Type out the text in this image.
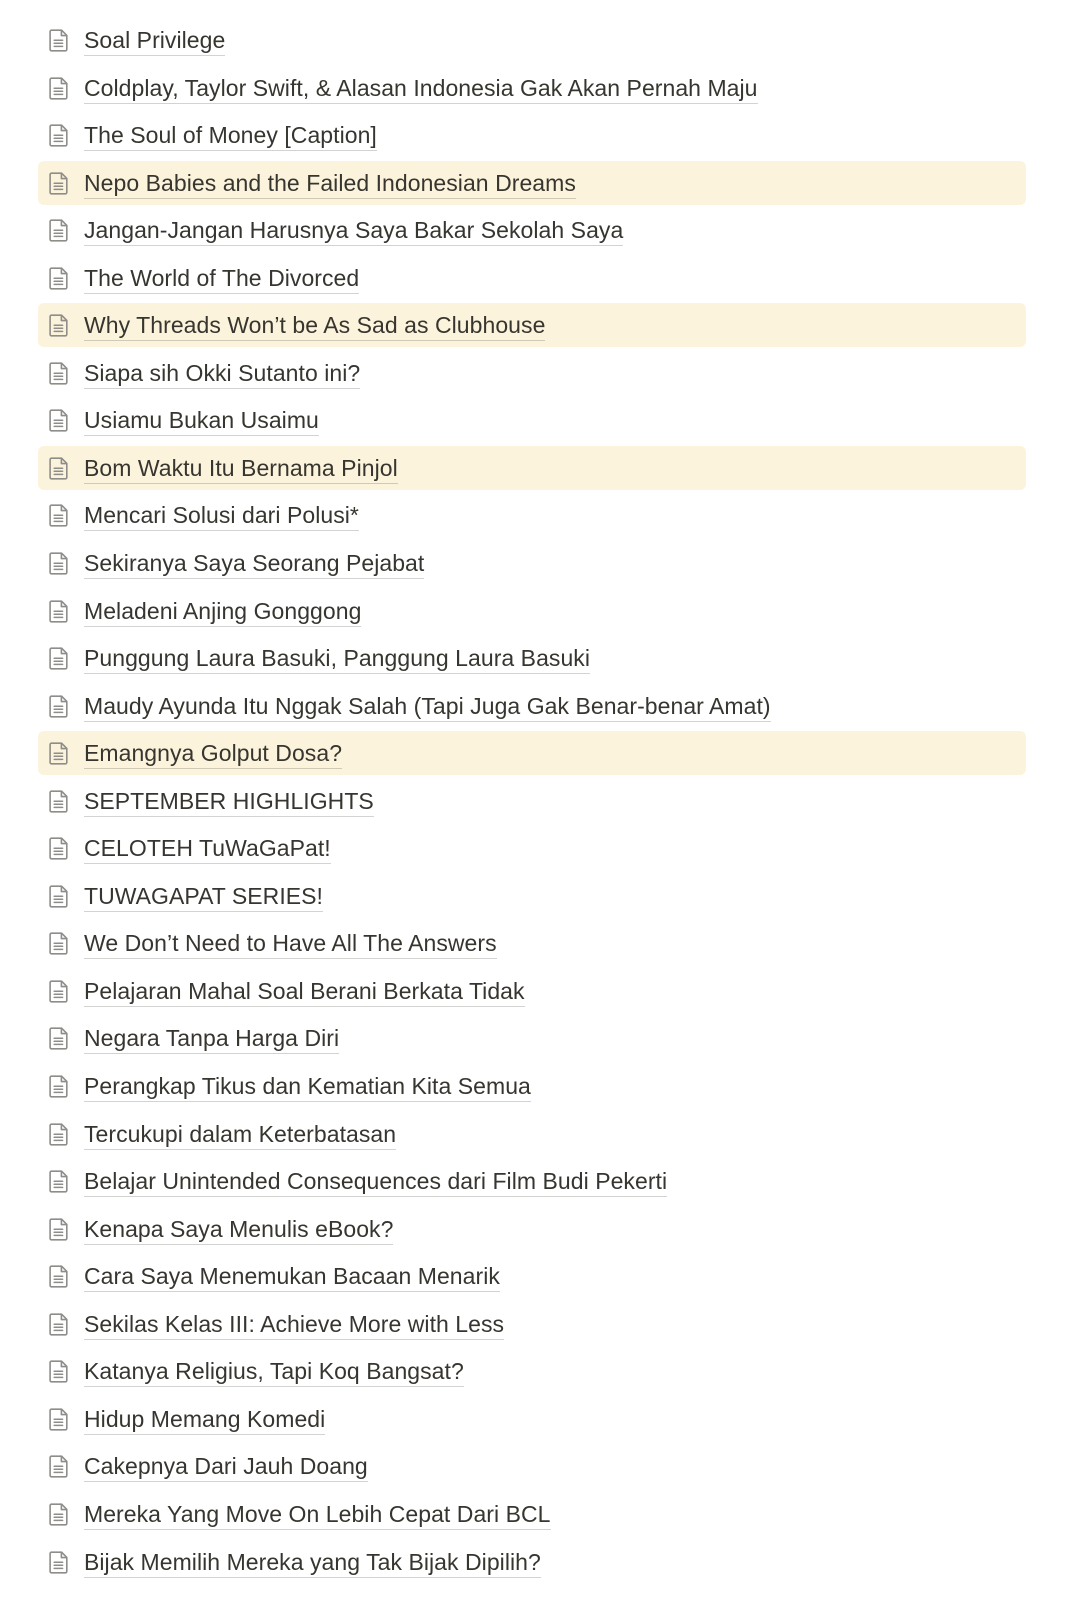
Soal Privilege
Coldplay, Taylor Swift, & Alasan Indonesia Gak Akan Pernah Maju
The Soul of Money [Caption]
Nepo Babies and the Failed Indonesian Dreams
Jangan-Jangan Harusnya Saya Bakar Sekolah Saya
The World of The Divorced
Why Threads Won’t be As Sad as Clubhouse
Siapa sih Okki Sutanto ini?
Usiamu Bukan Usaimu
Bom Waktu Itu Bernama Pinjol
Mencari Solusi dari Polusi*
Sekiranya Saya Seorang Pejabat
Meladeni Anjing Gonggong
Punggung Laura Basuki, Panggung Laura Basuki
Maudy Ayunda Itu Nggak Salah (Tapi Juga Gak Benar-benar Amat)
Emangnya Golput Dosa?
SEPTEMBER HIGHLIGHTS
CELOTEH TuWaGaPat!
TUWAGAPAT SERIES!
We Don’t Need to Have All The Answers
Pelajaran Mahal Soal Berani Berkata Tidak
Negara Tanpa Harga Diri
Perangkap Tikus dan Kematian Kita Semua
Tercukupi dalam Keterbatasan
Belajar Unintended Consequences dari Film Budi Pekerti
Kenapa Saya Menulis eBook?
Cara Saya Menemukan Bacaan Menarik
Sekilas Kelas III: Achieve More with Less
Katanya Religius, Tapi Koq Bangsat?
Hidup Memang Komedi
Cakepnya Dari Jauh Doang
Mereka Yang Move On Lebih Cepat Dari BCL
Bijak Memilih Mereka yang Tak Bijak Dipilih?
